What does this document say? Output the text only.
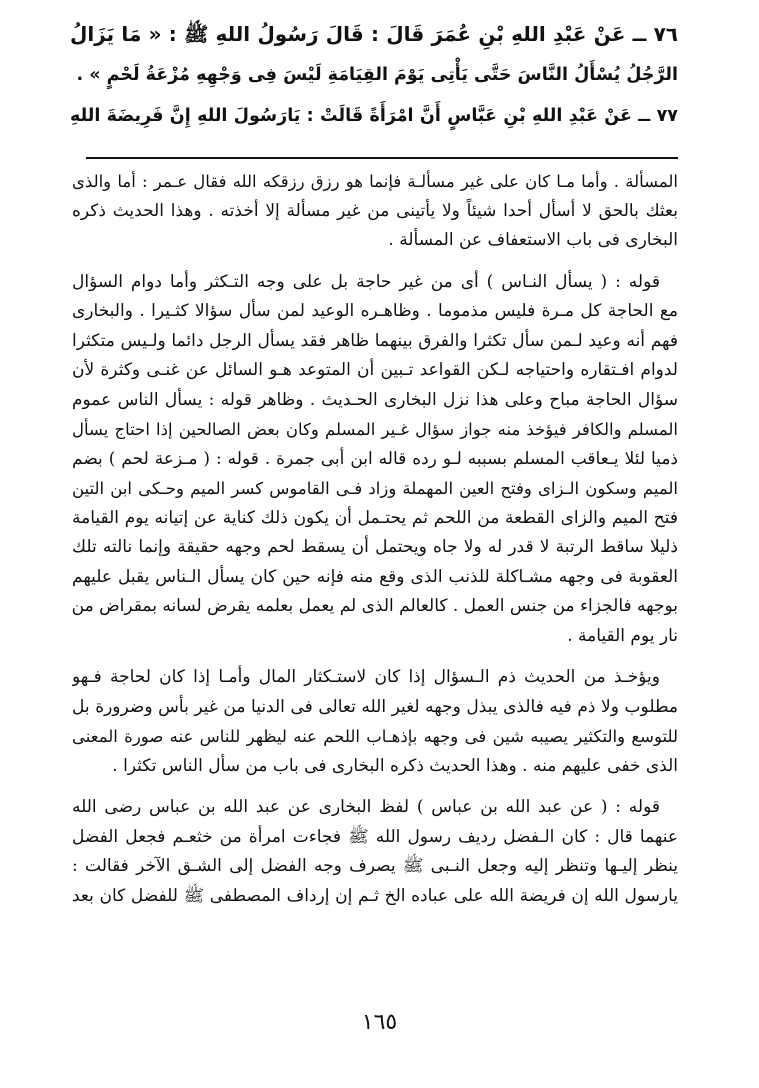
٧٦ ــ عَنْ عَبْدِ اللهِ بْنِ عُمَرَ قَالَ : قَالَ رَسُولُ اللهِ ﷺ : « مَا يَزَالُ
الرَّجُلُ يُسْأَلُ النَّاسَ حَتَّى يَأْتِى يَوْمَ القِيَامَةِ لَيْسَ فِى وَجْهِهِ مُزْعَةُ لَحْمٍ » .
٧٧ ــ عَنْ عَبْدِ اللهِ بْنِ عَبَّاسٍ أَنَّ امْرَأَةً قَالَتْ : يَارَسُولَ اللهِ إِنَّ فَرِيضَةَ اللهِ
المسألة . وأما مـا كان على غير مسألـة فإنما هو رزق رزقكه الله فقال عـمر : أما والذى
بعثك بالحق لا أسأل أحدا شيئاً ولا يأتينى من غير مسألة إلا أخذته . وهذا الحديث ذكره
البخارى فى باب الاستعفاف عن المسألة .
قوله : ( يسأل النـاس ) أى من غير حاجة بل على وجه التـكثر وأما دوام السؤال
مع الحاجة كل مـرة فليس مذموما . وظاهـره الوعيد لمن سأل سؤالا كثـيرا . والبخارى
فهم أنه وعيد لـمن سأل تكثرا والفرق بينهما ظاهر فقد يسأل الرجل دائما ولـيس متكثرا
لدوام افـتقاره واحتياجه لـكن القواعد تـبين أن المتوعد هـو السائل عن غنـى وكثرة لأن
سؤال الحاجة مباح وعلى هذا نزل البخارى الحـديث . وظاهر قوله : يسأل الناس عموم
المسلم والكافر فيؤخذ منه جواز سؤال غـير المسلم وكان بعض الصالحين إذا احتاج يسأل
ذميا لئلا يـعاقب المسلم بسببه لـو رده قاله ابن أبى جمرة . قوله : ( مـزعة لحم ) بضم
الميم وسكون الـزاى وفتح العين المهملة وزاد فـى القاموس كسر الميم وحـكى ابن التين
فتح الميم والزاى القطعة من اللحم ثم يحتـمل أن يكون ذلك كناية عن إتيانه يوم القيامة
ذليلا ساقط الرتبة لا قدر له ولا جاه ويحتمل أن يسقط لحم وجهه حقيقة وإنما نالته تلك
العقوبة فى وجهه مشـاكلة للذنب الذى وقع منه فإنه حين كان يسأل الـناس يقبل عليهم
بوجهه فالجزاء من جنس العمل . كالعالم الذى لم يعمل بعلمه يقرض لسانه بمقراض من
نار يوم القيامة .
ويؤخـذ من الحديث ذم الـسؤال إذا كان لاستـكثار المال وأمـا إذا كان لحاجة فـهو
مطلوب ولا ذم فيه فالذى يبذل وجهه لغير الله تعالى فى الدنيا من غير بأس وضرورة بل
للتوسع والتكثير يصيبه شين فى وجهه بإذهـاب اللحم عنه ليظهر للناس عنه صورة المعنى
الذى خفى عليهم منه . وهذا الحديث ذكره البخارى فى باب من سأل الناس تكثرا .
قوله : ( عن عبد الله بن عباس ) لفظ البخارى عن عبد الله بن عباس رضى الله
عنهما قال : كان الـفضل رديف رسول الله ﷺ فجاءت امرأة من خثعـم فجعل الفضل
ينظر إليـها وتنظر إليه وجعل النـبى ﷺ يصرف وجه الفضل إلى الشـق الآخر فقالت :
يارسول الله إن فريضة الله على عباده الخ ثـم إن إرداف المصطفى ﷺ للفضل كان بعد
١٦٥
